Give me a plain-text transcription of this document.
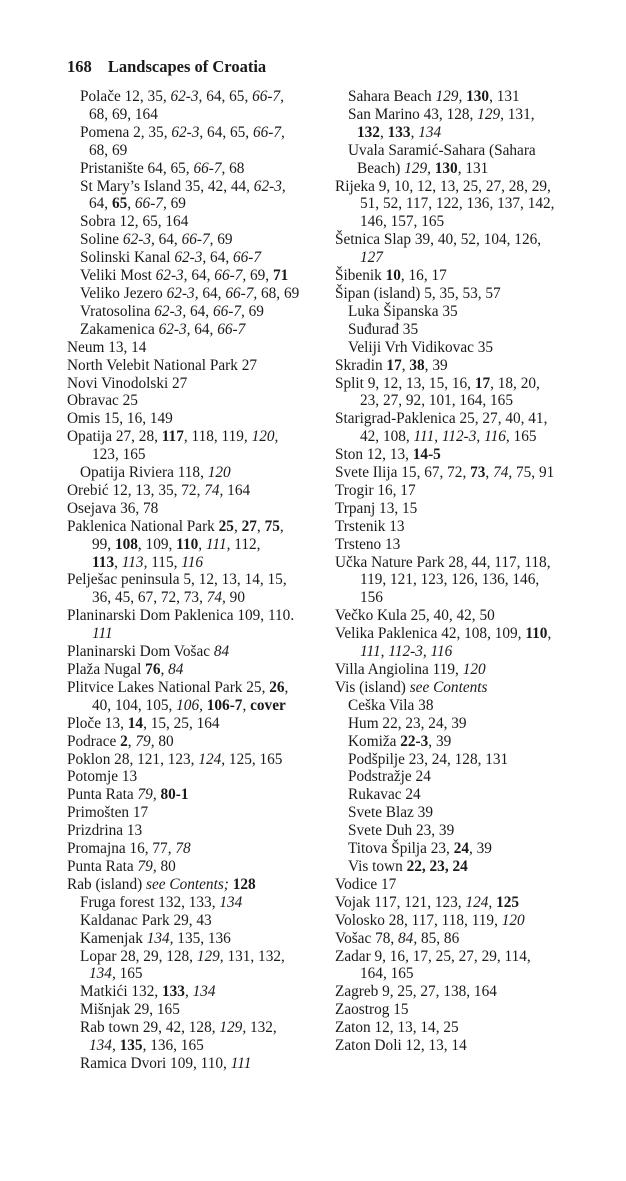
168 Landscapes of Croatia
Polače 12, 35, 62-3, 64, 65, 66-7,
68, 69, 164
Pomena 2, 35, 62-3, 64, 65, 66-7,
68, 69
Pristanište 64, 65, 66-7, 68
St Mary’s Island 35, 42, 44, 62-3,
64, 65, 66-7, 69
Sobra 12, 65, 164
Soline 62-3, 64, 66-7, 69
Solinski Kanal 62-3, 64, 66-7
Veliki Most 62-3, 64, 66-7, 69, 71
Veliko Jezero 62-3, 64, 66-7, 68, 69
Vratosolina 62-3, 64, 66-7, 69
Zakamenica 62-3, 64, 66-7
Neum 13, 14
North Velebit National Park 27
Novi Vinodolski 27
Obravac 25
Omis 15, 16, 149
Opatija 27, 28, 117, 118, 119, 120,
123, 165
Opatija Riviera 118, 120
Orebić 12, 13, 35, 72, 74, 164
Osejava 36, 78
Paklenica National Park 25, 27, 75,
99, 108, 109, 110, 111, 112,
113, 113, 115, 116
Pelješac peninsula 5, 12, 13, 14, 15,
36, 45, 67, 72, 73, 74, 90
Planinarski Dom Paklenica 109, 110.
111
Planinarski Dom Vošac 84
Plaža Nugal 76, 84
Plitvice Lakes National Park 25, 26,
40, 104, 105, 106, 106-7, cover
Ploče 13, 14, 15, 25, 164
Podrace 2, 79, 80
Poklon 28, 121, 123, 124, 125, 165
Potomje 13
Punta Rata 79, 80-1
Primošten 17
Prizdrina 13
Promajna 16, 77, 78
Punta Rata 79, 80
Rab (island) see Contents; 128
Fruga forest 132, 133, 134
Kaldanac Park 29, 43
Kamenjak 134, 135, 136
Lopar 28, 29, 128, 129, 131, 132,
134, 165
Matkići 132, 133, 134
Mišnjak 29, 165
Rab town 29, 42, 128, 129, 132,
134, 135, 136, 165
Ramica Dvori 109, 110, 111
Sahara Beach 129, 130, 131
San Marino 43, 128, 129, 131,
132, 133, 134
Uvala Saramić-Sahara (Sahara
Beach) 129, 130, 131
Rijeka 9, 10, 12, 13, 25, 27, 28, 29,
51, 52, 117, 122, 136, 137, 142,
146, 157, 165
Šetnica Slap 39, 40, 52, 104, 126,
127
Šibenik 10, 16, 17
Šipan (island) 5, 35, 53, 57
Luka Šipanska 35
Suđurađ 35
Veliji Vrh Vidikovac 35
Skradin 17, 38, 39
Split 9, 12, 13, 15, 16, 17, 18, 20,
23, 27, 92, 101, 164, 165
Starigrad-Paklenica 25, 27, 40, 41,
42, 108, 111, 112-3, 116, 165
Ston 12, 13, 14-5
Svete Ilija 15, 67, 72, 73, 74, 75, 91
Trogir 16, 17
Trpanj 13, 15
Trstenik 13
Trsteno 13
Učka Nature Park 28, 44, 117, 118,
119, 121, 123, 126, 136, 146,
156
Večko Kula 25, 40, 42, 50
Velika Paklenica 42, 108, 109, 110,
111, 112-3, 116
Villa Angiolina 119, 120
Vis (island) see Contents
Ceška Vila 38
Hum 22, 23, 24, 39
Komiža 22-3, 39
Podšpilje 23, 24, 128, 131
Podstražje 24
Rukavac 24
Svete Blaz 39
Svete Duh 23, 39
Titova Špilja 23, 24, 39
Vis town 22, 23, 24
Vodice 17
Vojak 117, 121, 123, 124, 125
Volosko 28, 117, 118, 119, 120
Vošac 78, 84, 85, 86
Zadar 9, 16, 17, 25, 27, 29, 114,
164, 165
Zagreb 9, 25, 27, 138, 164
Zaostrog 15
Zaton 12, 13, 14, 25
Zaton Doli 12, 13, 14
